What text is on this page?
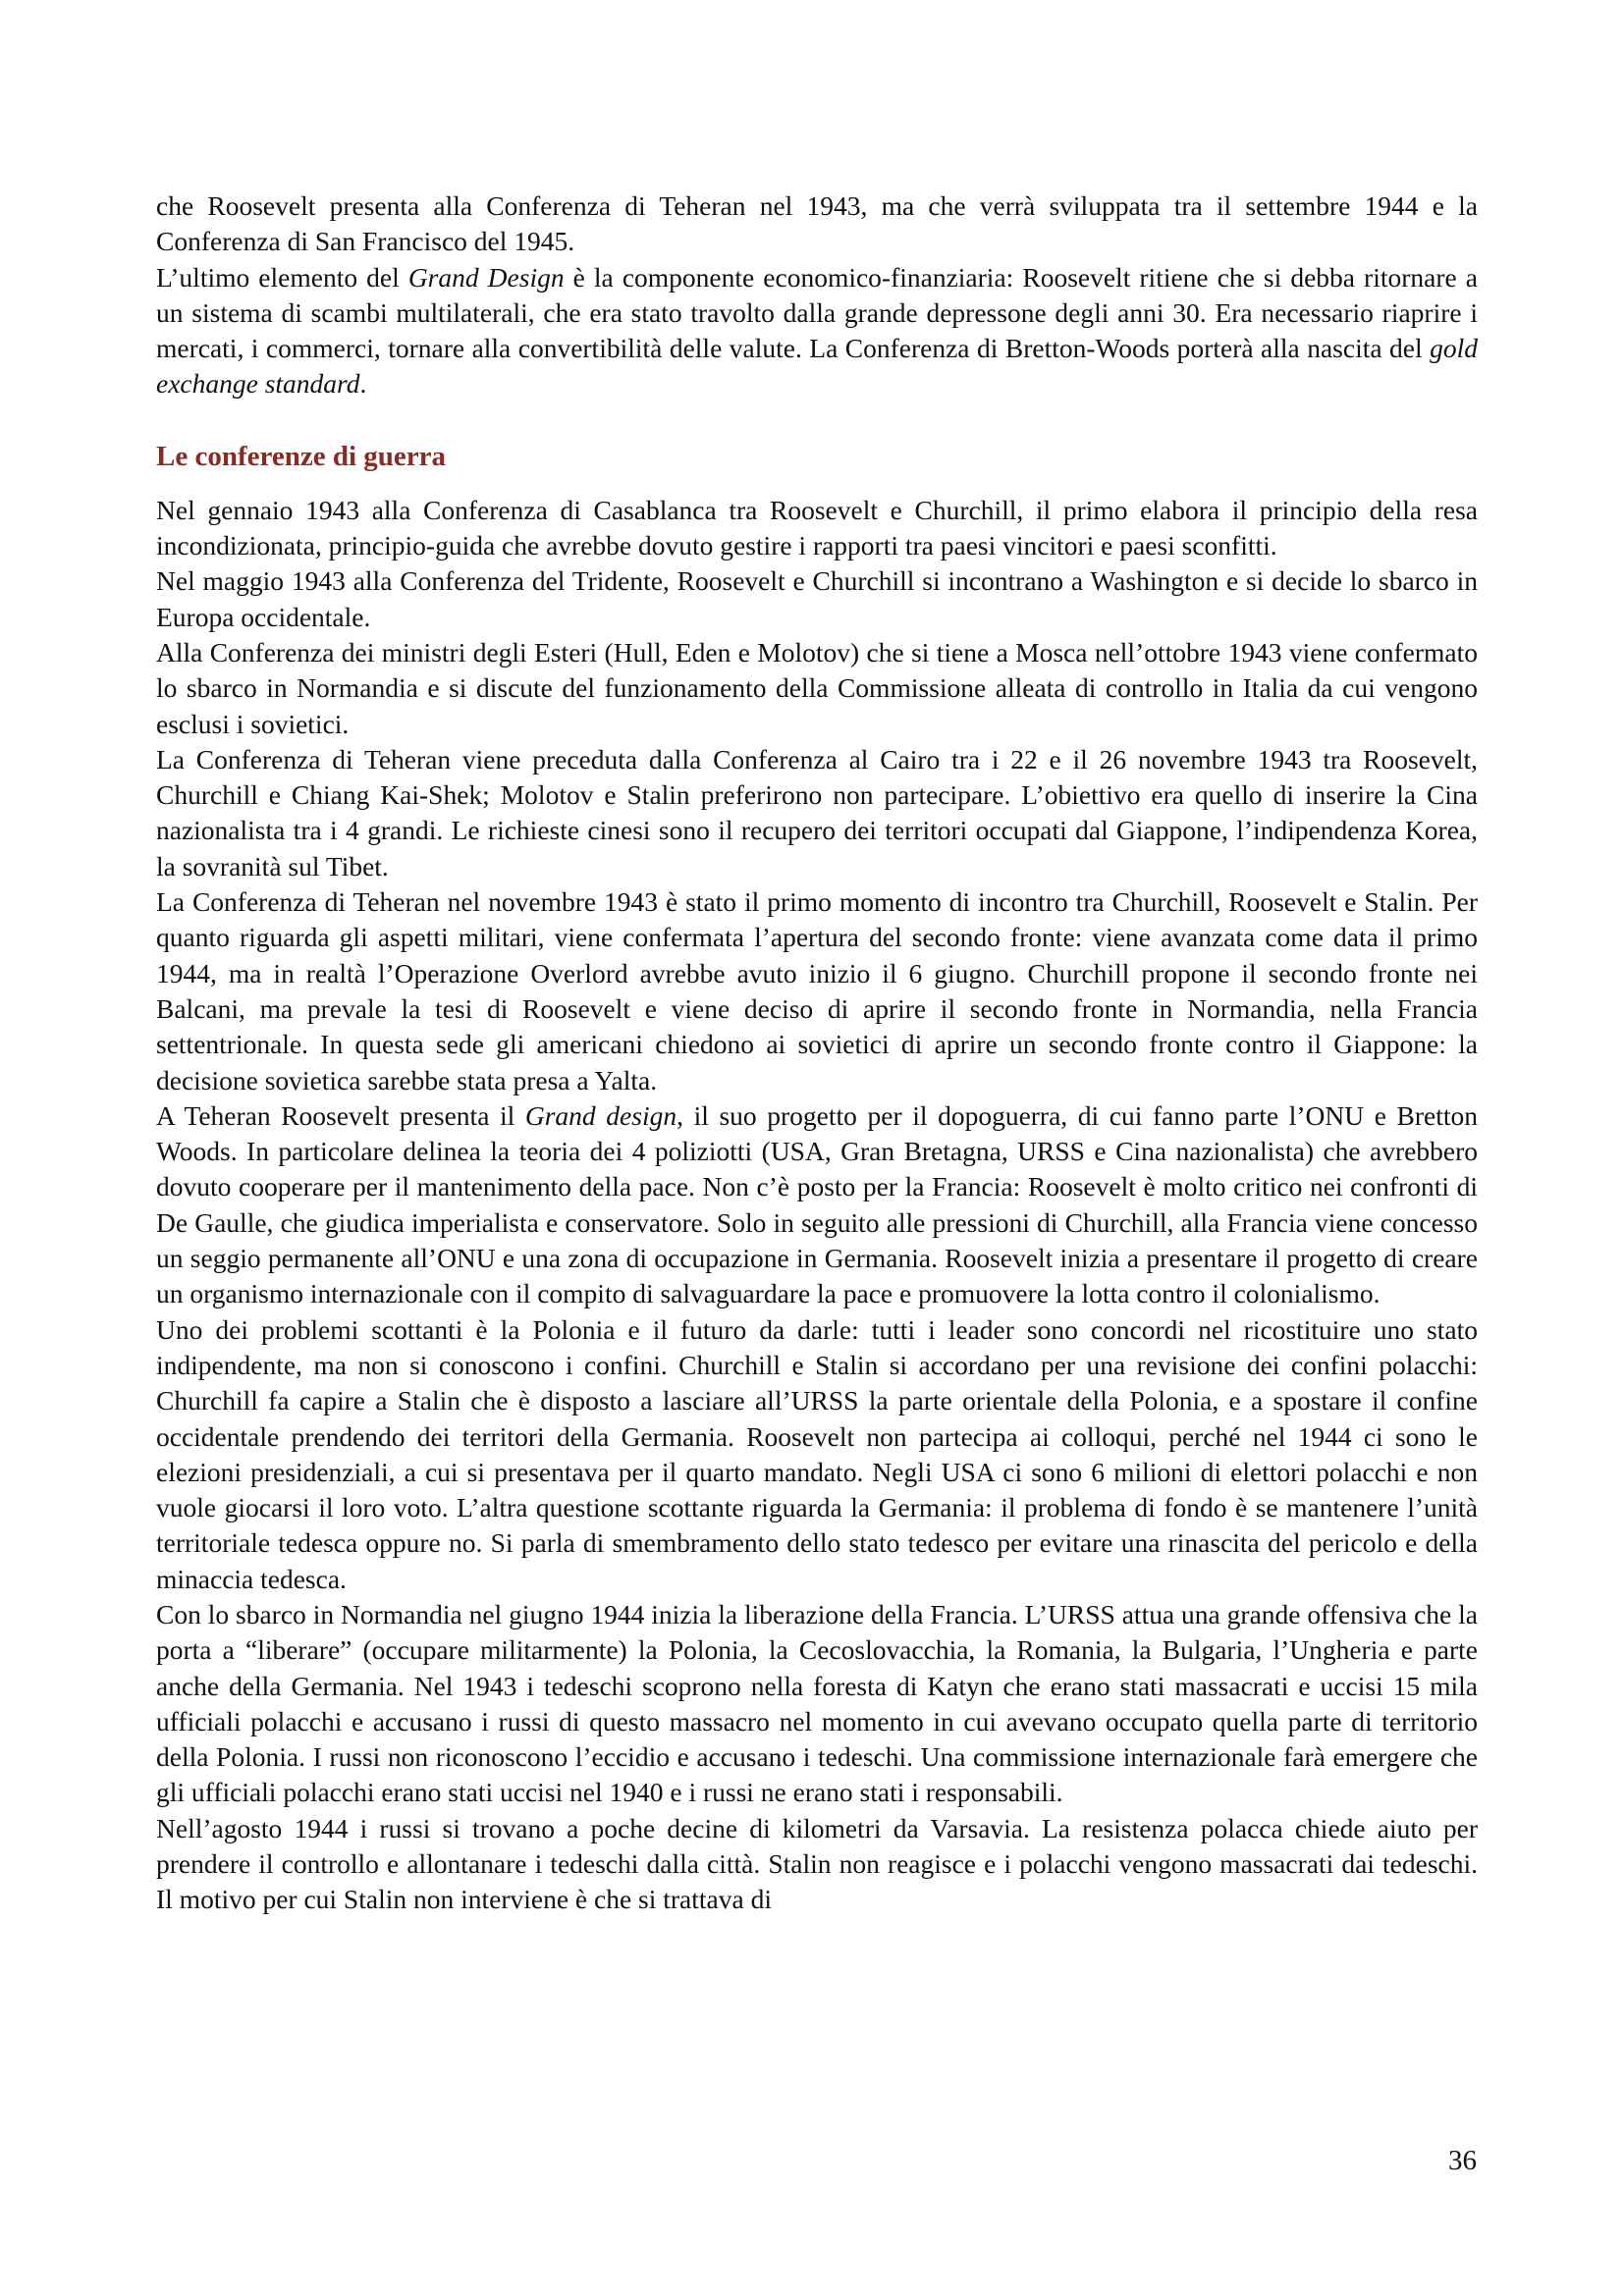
che Roosevelt presenta alla Conferenza di Teheran nel 1943, ma che verrà sviluppata tra il settembre 1944 e la Conferenza di San Francisco del 1945.

L’ultimo elemento del Grand Design è la componente economico-finanziaria: Roosevelt ritiene che si debba ritornare a un sistema di scambi multilaterali, che era stato travolto dalla grande depressone degli anni 30. Era necessario riaprire i mercati, i commerci, tornare alla convertibilità delle valute. La Conferenza di Bretton-Woods porterà alla nascita del gold exchange standard.

Le conferenze di guerra

Nel gennaio 1943 alla Conferenza di Casablanca tra Roosevelt e Churchill, il primo elabora il principio della resa incondizionata, principio-guida che avrebbe dovuto gestire i rapporti tra paesi vincitori e paesi sconfitti.

Nel maggio 1943 alla Conferenza del Tridente, Roosevelt e Churchill si incontrano a Washington e si decide lo sbarco in Europa occidentale.

Alla Conferenza dei ministri degli Esteri (Hull, Eden e Molotov) che si tiene a Mosca nell’ottobre 1943 viene confermato lo sbarco in Normandia e si discute del funzionamento della Commissione alleata di controllo in Italia da cui vengono esclusi i sovietici.

La Conferenza di Teheran viene preceduta dalla Conferenza al Cairo tra i 22 e il 26 novembre 1943 tra Roosevelt, Churchill e Chiang Kai-Shek; Molotov e Stalin preferirono non partecipare. L’obiettivo era quello di inserire la Cina nazionalista tra i 4 grandi. Le richieste cinesi sono il recupero dei territori occupati dal Giappone, l’indipendenza Korea, la sovranità sul Tibet.

La Conferenza di Teheran nel novembre 1943 è stato il primo momento di incontro tra Churchill, Roosevelt e Stalin. Per quanto riguarda gli aspetti militari, viene confermata l’apertura del secondo fronte: viene avanzata come data il primo 1944, ma in realtà l’Operazione Overlord avrebbe avuto inizio il 6 giugno. Churchill propone il secondo fronte nei Balcani, ma prevale la tesi di Roosevelt e viene deciso di aprire il secondo fronte in Normandia, nella Francia settentrionale. In questa sede gli americani chiedono ai sovietici di aprire un secondo fronte contro il Giappone: la decisione sovietica sarebbe stata presa a Yalta.

A Teheran Roosevelt presenta il Grand design, il suo progetto per il dopoguerra, di cui fanno parte l’ONU e Bretton Woods. In particolare delinea la teoria dei 4 poliziotti (USA, Gran Bretagna, URSS e Cina nazionalista) che avrebbero dovuto cooperare per il mantenimento della pace. Non c’è posto per la Francia: Roosevelt è molto critico nei confronti di De Gaulle, che giudica imperialista e conservatore. Solo in seguito alle pressioni di Churchill, alla Francia viene concesso un seggio permanente all’ONU e una zona di occupazione in Germania. Roosevelt inizia a presentare il progetto di creare un organismo internazionale con il compito di salvaguardare la pace e promuovere la lotta contro il colonialismo.

Uno dei problemi scottanti è la Polonia e il futuro da darle: tutti i leader sono concordi nel ricostituire uno stato indipendente, ma non si conoscono i confini. Churchill e Stalin si accordano per una revisione dei confini polacchi: Churchill fa capire a Stalin che è disposto a lasciare all’URSS la parte orientale della Polonia, e a spostare il confine occidentale prendendo dei territori della Germania. Roosevelt non partecipa ai colloqui, perché nel 1944 ci sono le elezioni presidenziali, a cui si presentava per il quarto mandato. Negli USA ci sono 6 milioni di elettori polacchi e non vuole giocarsi il loro voto. L’altra questione scottante riguarda la Germania: il problema di fondo è se mantenere l’unità territoriale tedesca oppure no. Si parla di smembramento dello stato tedesco per evitare una rinascita del pericolo e della minaccia tedesca.

Con lo sbarco in Normandia nel giugno 1944 inizia la liberazione della Francia. L’URSS attua una grande offensiva che la porta a “liberare” (occupare militarmente) la Polonia, la Cecoslovacchia, la Romania, la Bulgaria, l’Ungheria e parte anche della Germania. Nel 1943 i tedeschi scoprono nella foresta di Katyn che erano stati massacrati e uccisi 15 mila ufficiali polacchi e accusano i russi di questo massacro nel momento in cui avevano occupato quella parte di territorio della Polonia. I russi non riconoscono l’eccidio e accusano i tedeschi. Una commissione internazionale farà emergere che gli ufficiali polacchi erano stati uccisi nel 1940 e i russi ne erano stati i responsabili.

Nell’agosto 1944 i russi si trovano a poche decine di kilometri da Varsavia. La resistenza polacca chiede aiuto per prendere il controllo e allontanare i tedeschi dalla città. Stalin non reagisce e i polacchi vengono massacrati dai tedeschi. Il motivo per cui Stalin non interviene è che si trattava di

36
